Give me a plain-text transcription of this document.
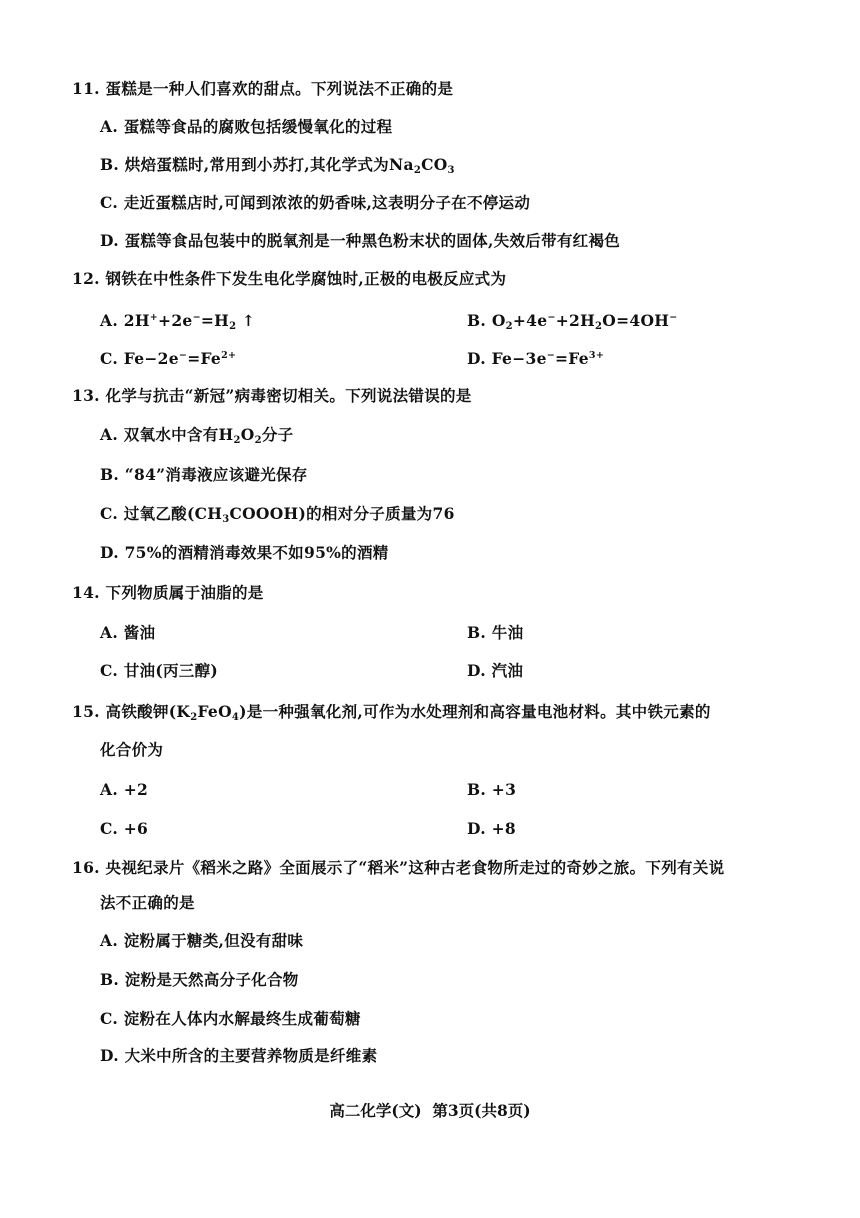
11. 蛋糕是一种人们喜欢的甜点。下列说法不正确的是
A. 蛋糕等食品的腐败包括缓慢氧化的过程
B. 烘焙蛋糕时,常用到小苏打,其化学式为$Na_2CO_3$
C. 走近蛋糕店时,可闻到浓浓的奶香味,这表明分子在不停运动
D. 蛋糕等食品包装中的脱氧剂是一种黑色粉末状的固体,失效后带有红褐色
12. 钢铁在中性条件下发生电化学腐蚀时,正极的电极反应式为
A. $2H^++2e^-=H_2$ ↑	B. $O_2+4e^-+2H_2O=4OH^-$
C. $Fe-2e^-=Fe^{2+}$	D. $Fe-3e^-=Fe^{3+}$
13. 化学与抗击“新冠”病毒密切相关。下列说法错误的是
A. 双氧水中含有$H_2O_2$分子
B. “84”消毒液应该避光保存
C. 过氧乙酸$(CH_3COOOH)$的相对分子质量为76
D. 75%的酒精消毒效果不如95%的酒精
14. 下列物质属于油脂的是
A. 酱油	B. 牛油
C. 甘油(丙三醇)	D. 汽油
15. 高铁酸钾$(K_2FeO_4)$是一种强氧化剂,可作为水处理剂和高容量电池材料。其中铁元素的
化合价为
A. +2	B. +3
C. +6	D. +8
16. 央视纪录片《稻米之路》全面展示了“稻米”这种古老食物所走过的奇妙之旅。下列有关说
法不正确的是
A. 淀粉属于糖类,但没有甜味
B. 淀粉是天然高分子化合物
C. 淀粉在人体内水解最终生成葡萄糖
D. 大米中所含的主要营养物质是纤维素
高二化学(文)  第3页(共8页)
